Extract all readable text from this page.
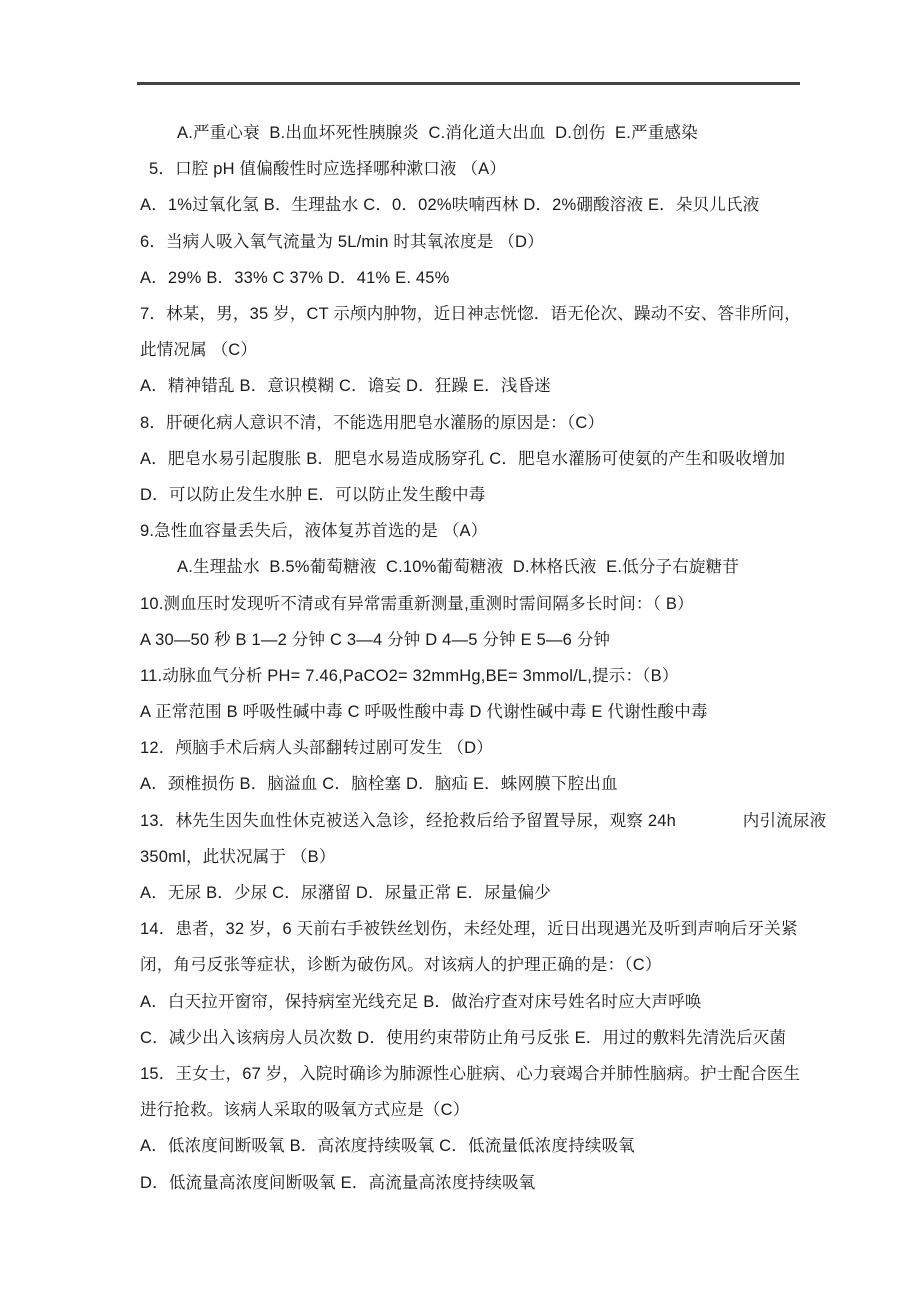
A.严重心衰  B.出血坏死性胰腺炎  C.消化道大出血  D.创伤  E.严重感染
5．口腔 pH 值偏酸性时应选择哪种漱口液 （A）
A．1%过氧化氢 B．生理盐水 C．0．02%呋喃西林 D．2%硼酸溶液 E．朵贝儿氏液
6．当病人吸入氧气流量为 5L/min 时其氧浓度是 （D）
A．29% B．33% C 37% D．41% E. 45%
7．林某，男，35 岁，CT 示颅内肿物，近日神志恍惚．语无伦次、躁动不安、答非所问，
此情况属 （C）
A．精神错乱 B．意识模糊 C．谵妄 D．狂躁 E．浅昏迷
8．肝硬化病人意识不清，不能选用肥皂水灌肠的原因是：（C）
A．肥皂水易引起腹胀 B．肥皂水易造成肠穿孔 C．肥皂水灌肠可使氨的产生和吸收增加
D．可以防止发生水肿 E．可以防止发生酸中毒
9.急性血容量丢失后，液体复苏首选的是 （A）
A.生理盐水  B.5%葡萄糖液  C.10%葡萄糖液  D.林格氏液  E.低分子右旋糖苷
10.测血压时发现听不清或有异常需重新测量,重测时需间隔多长时间：（ B）
A 30—50 秒 B 1—2 分钟 C 3—4 分钟 D 4—5 分钟 E 5—6 分钟
11.动脉血气分析 PH= 7.46,PaCO2= 32mmHg,BE= 3mmol/L,提示：（B）
A 正常范围 B 呼吸性碱中毒 C 呼吸性酸中毒 D 代谢性碱中毒 E 代谢性酸中毒
12．颅脑手术后病人头部翻转过剧可发生 （D）
A．颈椎损伤 B．脑溢血 C．脑栓塞 D．脑疝 E．蛛网膜下腔出血
13．林先生因失血性休克被送入急诊，经抢救后给予留置导尿，观察 24h　　　　内引流尿液
350ml，此状况属于 （B）
A．无尿 B．少尿 C．尿潴留 D．尿量正常 E．尿量偏少
14．患者，32 岁，6 天前右手被铁丝划伤，未经处理，近日出现遇光及听到声响后牙关紧
闭，角弓反张等症状，诊断为破伤风。对该病人的护理正确的是：（C）
A．白天拉开窗帘，保持病室光线充足 B．做治疗查对床号姓名时应大声呼唤
C．减少出入该病房人员次数 D．使用约束带防止角弓反张 E．用过的敷料先清洗后灭菌
15．王女士，67 岁，入院时确诊为肺源性心脏病、心力衰竭合并肺性脑病。护士配合医生
进行抢救。该病人采取的吸氧方式应是（C）
A．低浓度间断吸氧 B．高浓度持续吸氧 C．低流量低浓度持续吸氧
D．低流量高浓度间断吸氧 E．高流量高浓度持续吸氧
